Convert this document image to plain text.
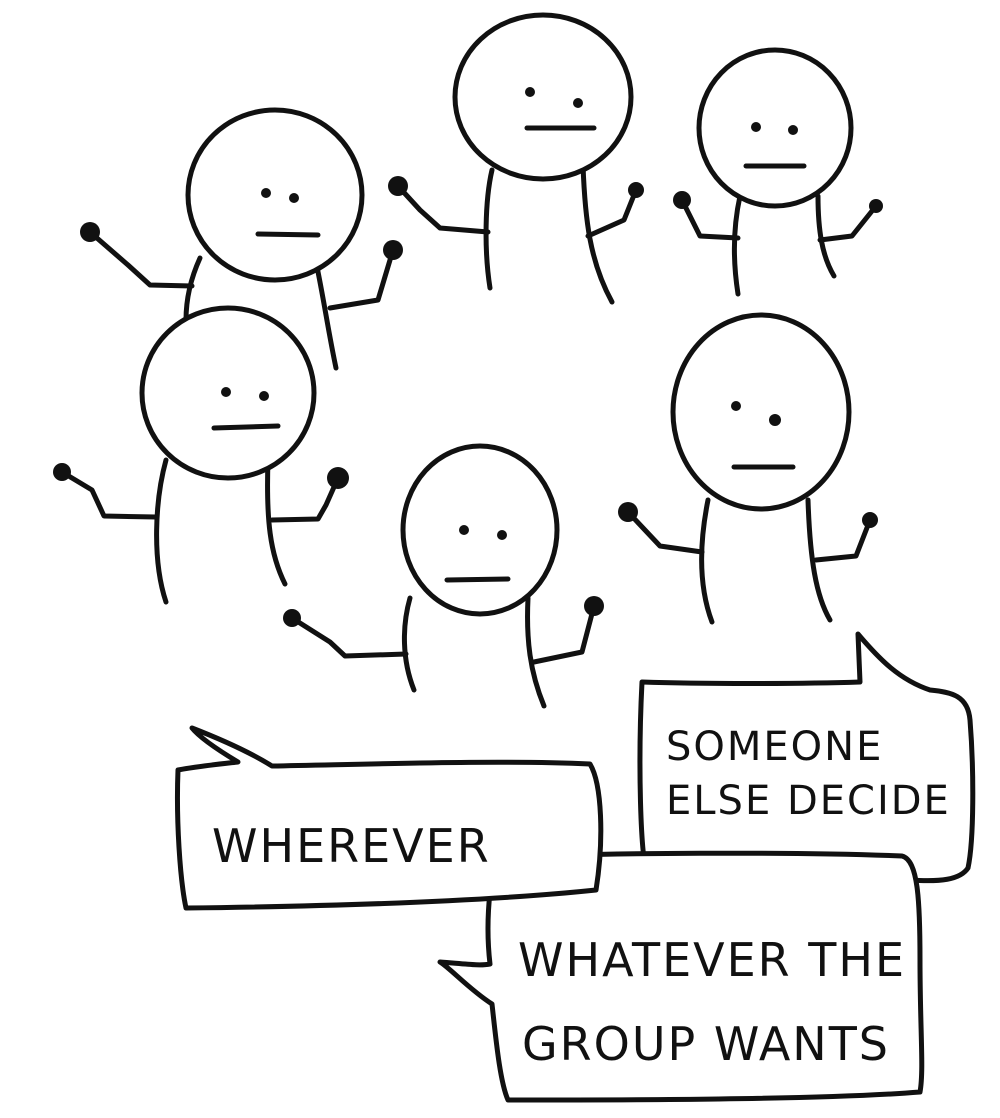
SOMEONE ELSE DECIDE
WHATEVER THE GROUP WANTS
WHEREVER
